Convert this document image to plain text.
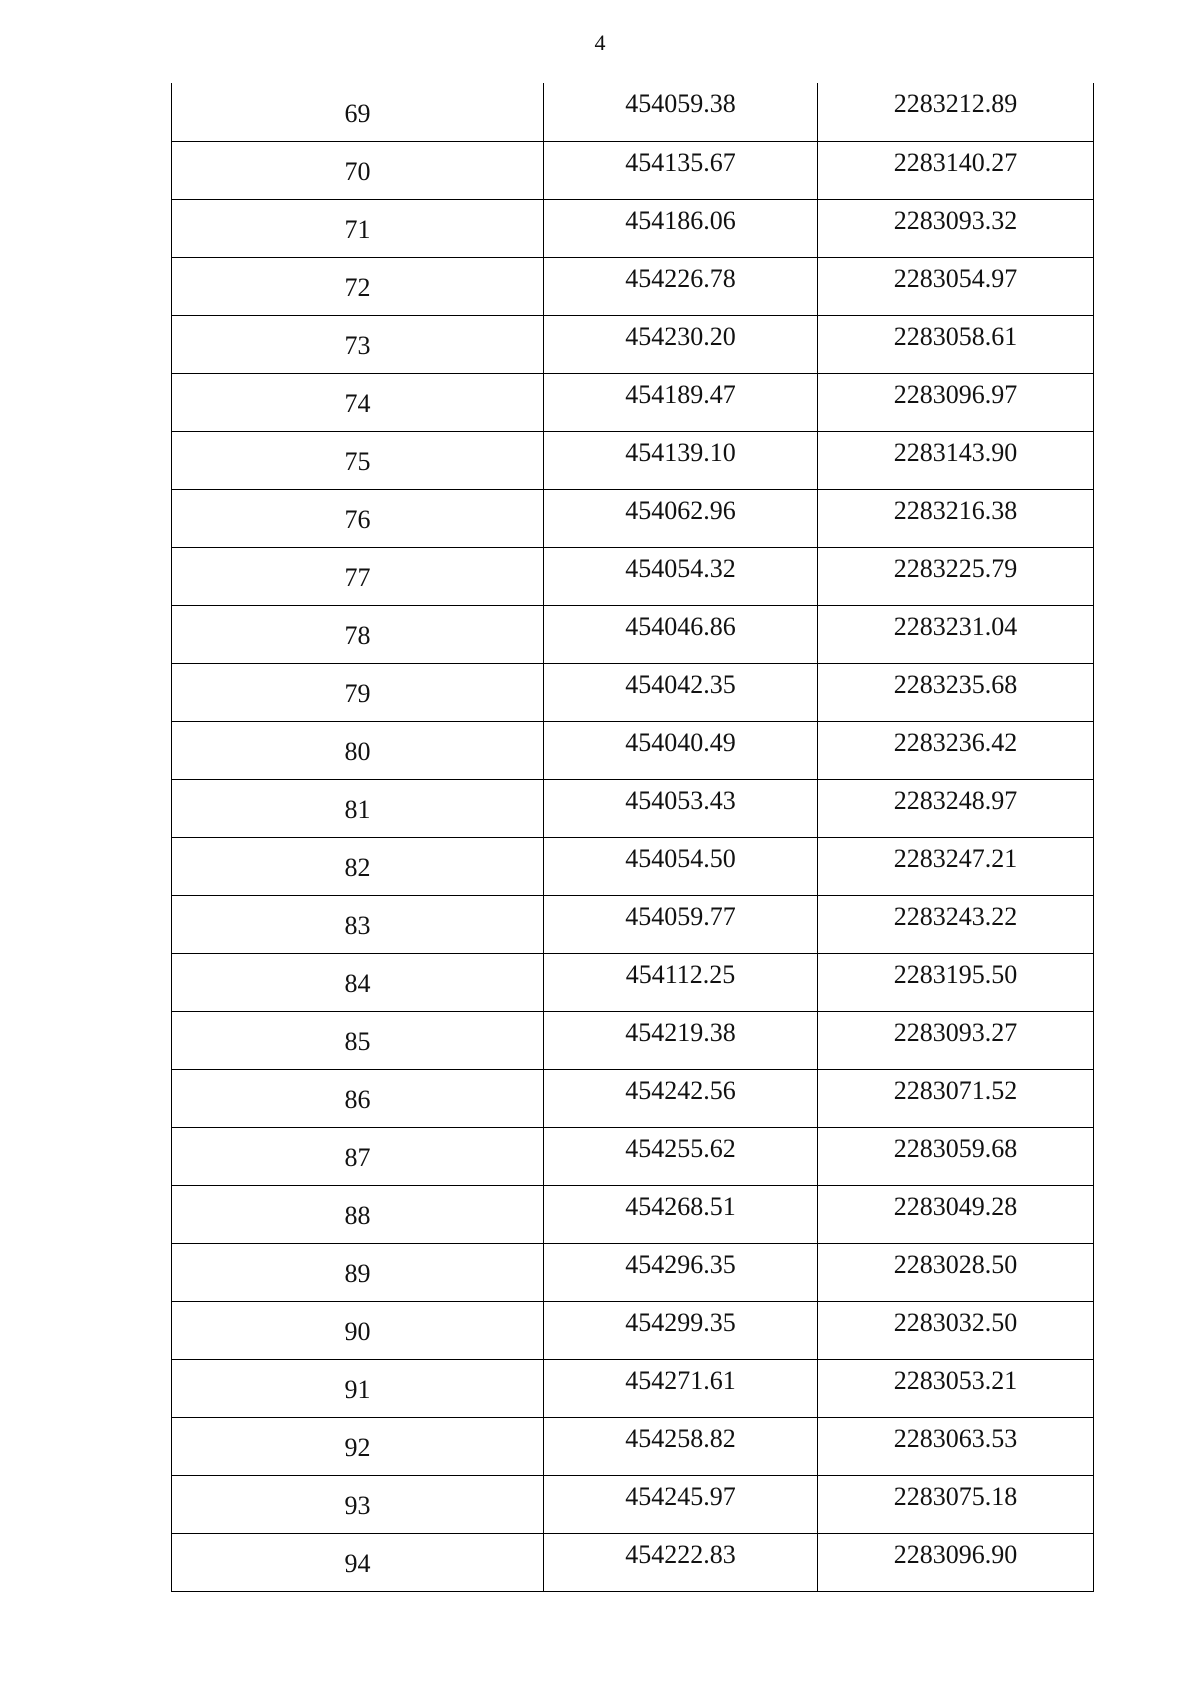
4
69	454059.38	2283212.89
70	454135.67	2283140.27
71	454186.06	2283093.32
72	454226.78	2283054.97
73	454230.20	2283058.61
74	454189.47	2283096.97
75	454139.10	2283143.90
76	454062.96	2283216.38
77	454054.32	2283225.79
78	454046.86	2283231.04
79	454042.35	2283235.68
80	454040.49	2283236.42
81	454053.43	2283248.97
82	454054.50	2283247.21
83	454059.77	2283243.22
84	454112.25	2283195.50
85	454219.38	2283093.27
86	454242.56	2283071.52
87	454255.62	2283059.68
88	454268.51	2283049.28
89	454296.35	2283028.50
90	454299.35	2283032.50
91	454271.61	2283053.21
92	454258.82	2283063.53
93	454245.97	2283075.18
94	454222.83	2283096.90
